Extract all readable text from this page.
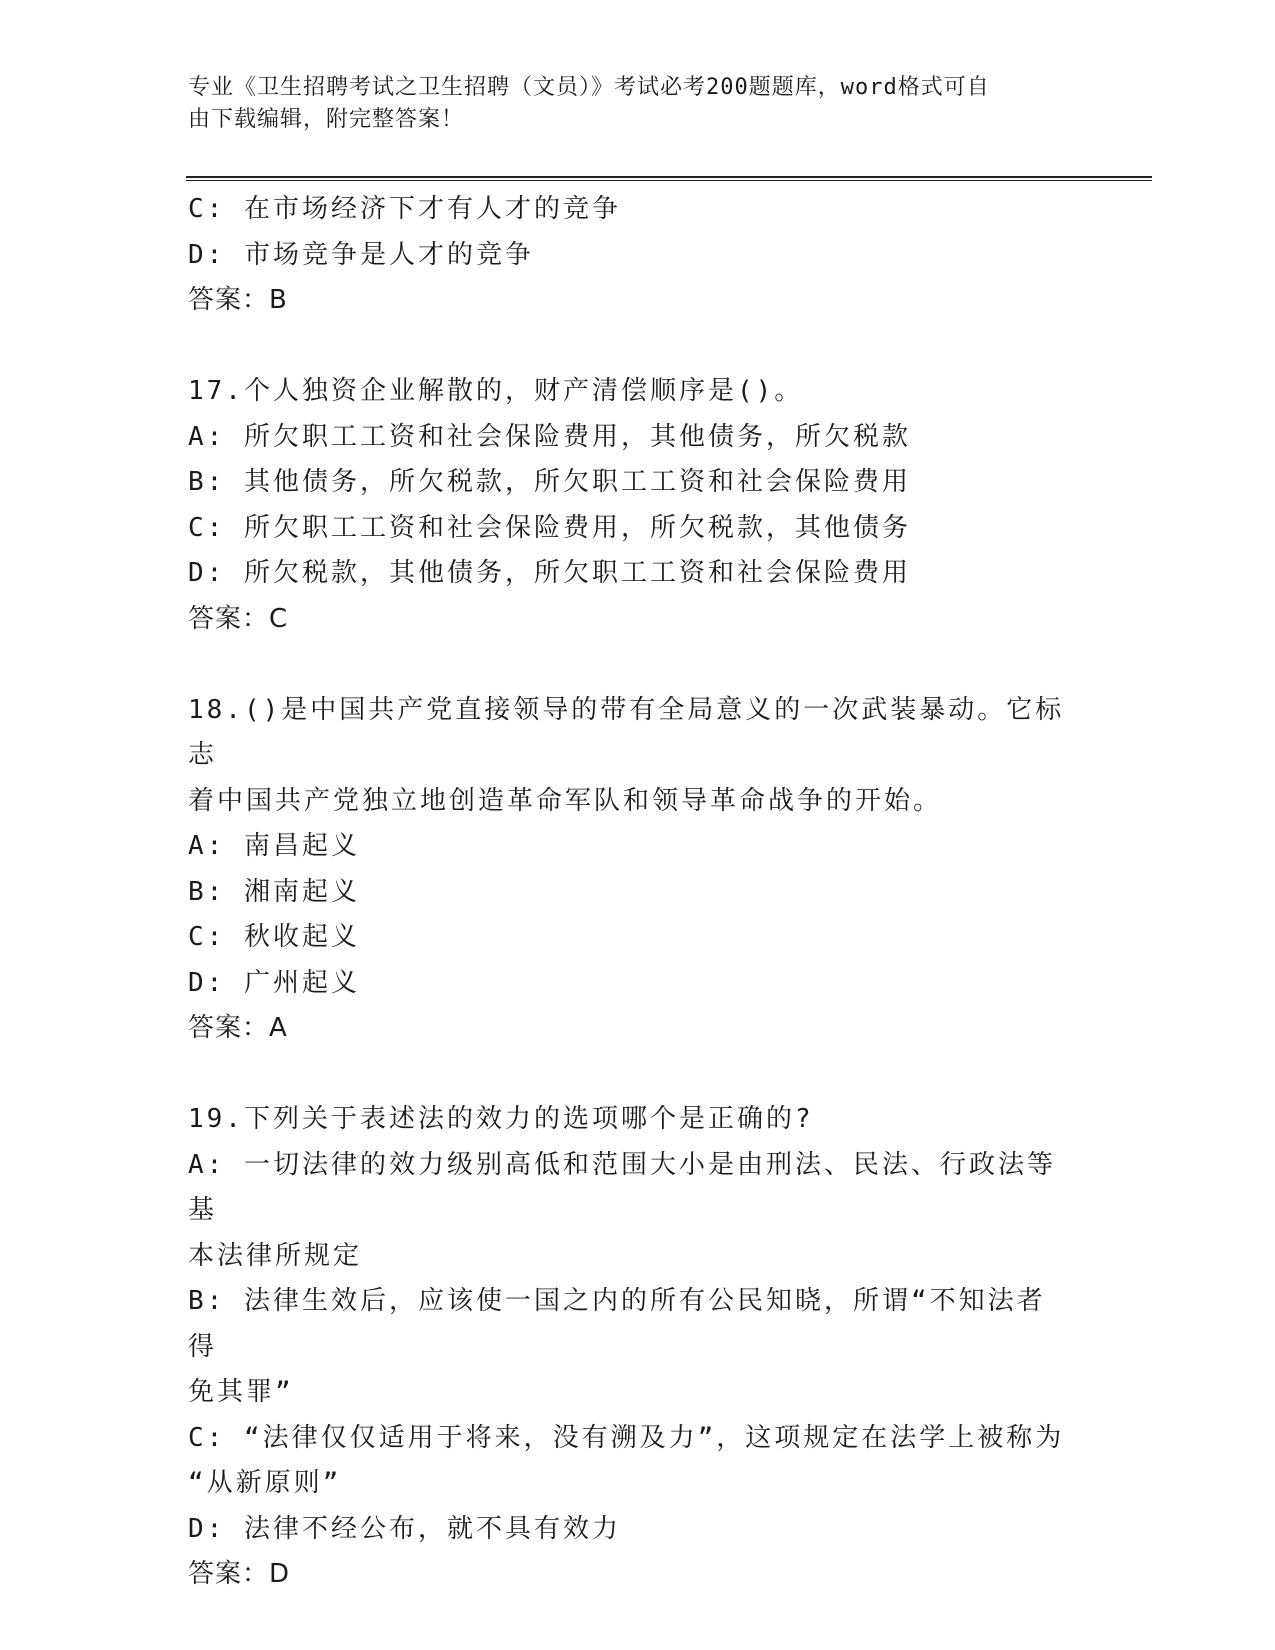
专业《卫生招聘考试之卫生招聘（文员）》考试必考200题题库，word格式可自
由下载编辑，附完整答案！
C: 在市场经济下才有人才的竞争
D: 市场竞争是人才的竞争
答案：B
17.个人独资企业解散的，财产清偿顺序是()。
A: 所欠职工工资和社会保险费用，其他债务，所欠税款
B: 其他债务，所欠税款，所欠职工工资和社会保险费用
C: 所欠职工工资和社会保险费用，所欠税款，其他债务
D: 所欠税款，其他债务，所欠职工工资和社会保险费用
答案：C
18.()是中国共产党直接领导的带有全局意义的一次武装暴动。它标志
着中国共产党独立地创造革命军队和领导革命战争的开始。
A: 南昌起义
B: 湘南起义
C: 秋收起义
D: 广州起义
答案：A
19.下列关于表述法的效力的选项哪个是正确的?
A: 一切法律的效力级别高低和范围大小是由刑法、民法、行政法等基
本法律所规定
B: 法律生效后，应该使一国之内的所有公民知晓，所谓“不知法者得
免其罪”
C: “法律仅仅适用于将来，没有溯及力”，这项规定在法学上被称为
“从新原则”
D: 法律不经公布，就不具有效力
答案：D
